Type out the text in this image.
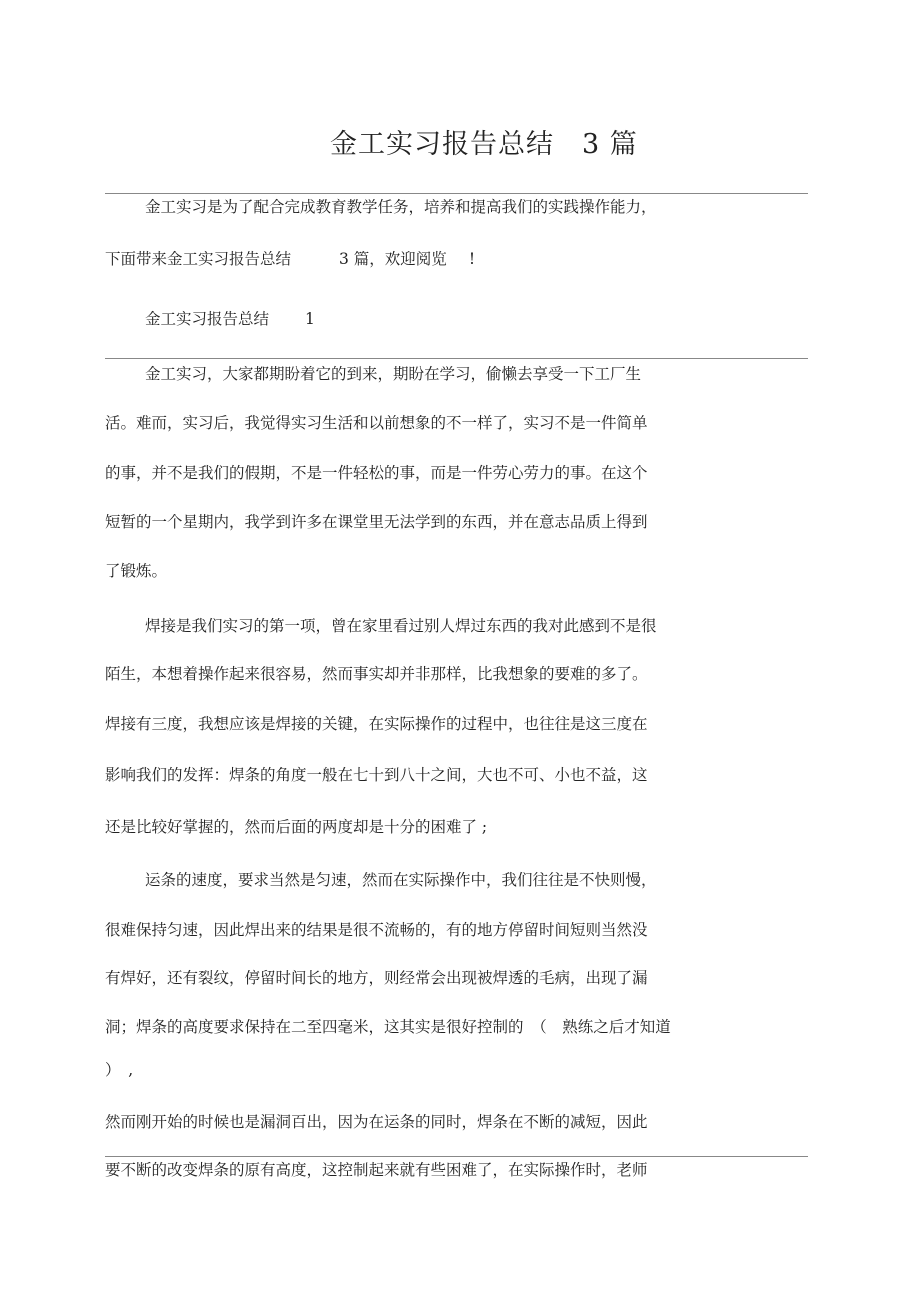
金工实习报告总结　3 篇
金工实习是为了配合完成教育教学任务，培养和提高我们的实践操作能力，
下面带来金工实习报告总结	3 篇，欢迎阅览 !
金工实习报告总结 1
金工实习，大家都期盼着它的到来，期盼在学习，偷懒去享受一下工厂生
活。难而，实习后，我觉得实习生活和以前想象的不一样了，实习不是一件简单
的事，并不是我们的假期，不是一件轻松的事，而是一件劳心劳力的事。在这个
短暂的一个星期内，我学到许多在课堂里无法学到的东西，并在意志品质上得到
了锻炼。
焊接是我们实习的第一项，曾在家里看过别人焊过东西的我对此感到不是很
陌生，本想着操作起来很容易，然而事实却并非那样，比我想象的要难的多了。
焊接有三度，我想应该是焊接的关键，在实际操作的过程中，也往往是这三度在
影响我们的发挥：焊条的角度一般在七十到八十之间，大也不可、小也不益，这
还是比较好掌握的，然而后面的两度却是十分的困难了 ;
运条的速度，要求当然是匀速，然而在实际操作中，我们往往是不快则慢，
很难保持匀速，因此焊出来的结果是很不流畅的，有的地方停留时间短则当然没
有焊好，还有裂纹，停留时间长的地方，则经常会出现被焊透的毛病，出现了漏
洞；焊条的高度要求保持在二至四毫米，这其实是很好控制的　（　熟练之后才知道
）　,
然而刚开始的时候也是漏洞百出，因为在运条的同时，焊条在不断的减短，因此
要不断的改变焊条的原有高度，这控制起来就有些困难了，在实际操作时，老师
